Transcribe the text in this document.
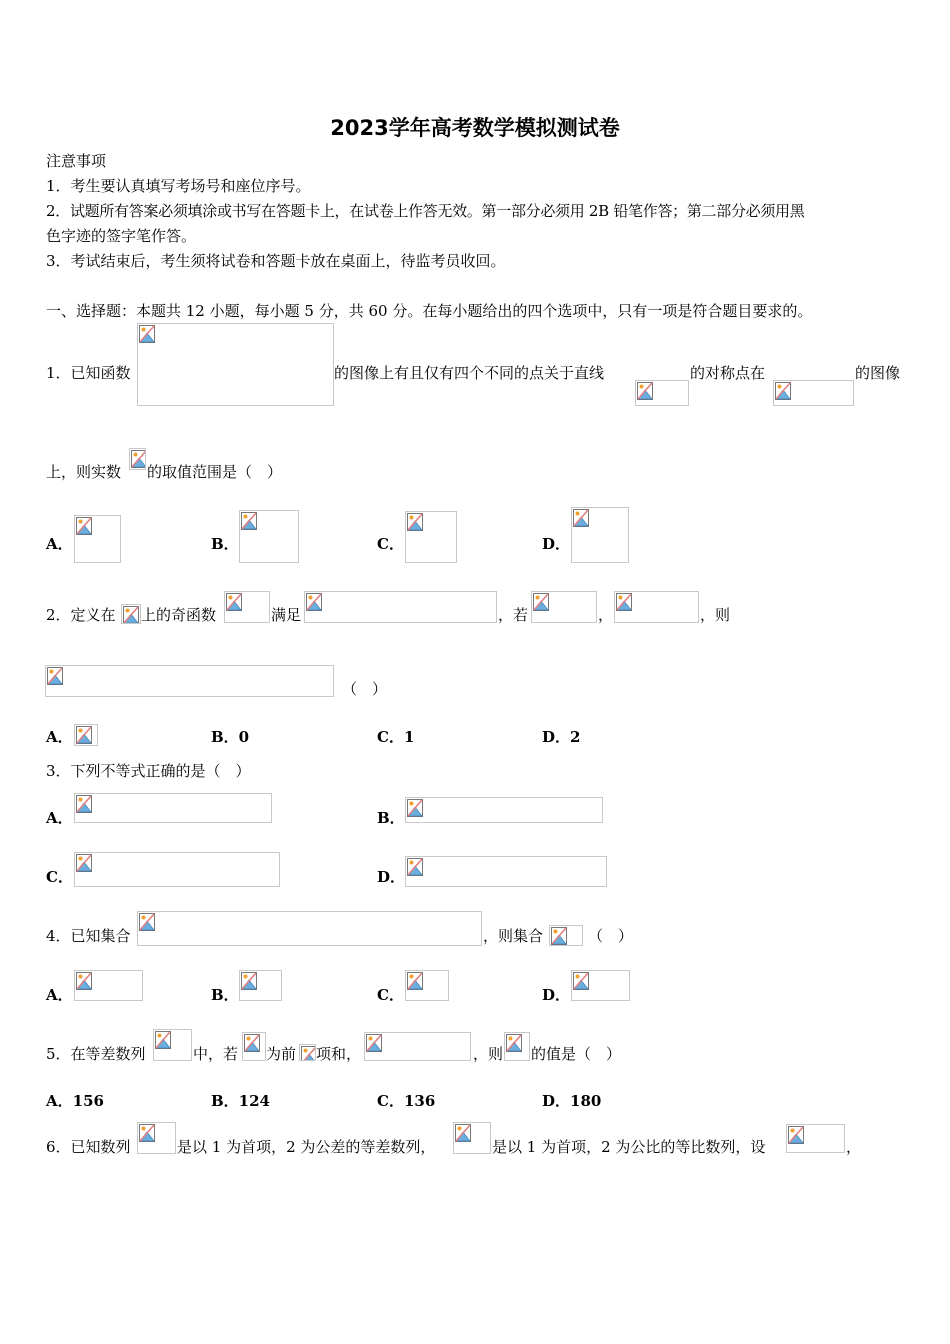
2023学年高考数学模拟测试卷
注意事项
1．考生要认真填写考场号和座位序号。
2．试题所有答案必须填涂或书写在答题卡上，在试卷上作答无效。第一部分必须用 2B 铅笔作答；第二部分必须用黑
色字迹的签字笔作答。
3．考试结束后，考生须将试卷和答题卡放在桌面上，待监考员收回。
一、选择题：本题共 12 小题，每小题 5 分，共 60 分。在每小题给出的四个选项中，只有一项是符合题目要求的。
1．已知函数	的图像上有且仅有四个不同的点关于直线	的对称点在	的图像
上，则实数 的取值范围是（　）
A．	B．	C．	D．
2．定义在 上的奇函数	满足	，若	，	，则
（　）
A．	B．0	C．1	D．2
3．下列不等式正确的是（　）
A．	B．
C．	D．
4．已知集合	，则集合	（　）
A．	B．	C．	D．
5．在等差数列	中，若 为前 项和，	，则 的值是（　）
A．156	B．124	C．136	D．180
6．已知数列	是以 1 为首项，2 为公差的等差数列，	是以 1 为首项，2 为公比的等比数列，设	，
